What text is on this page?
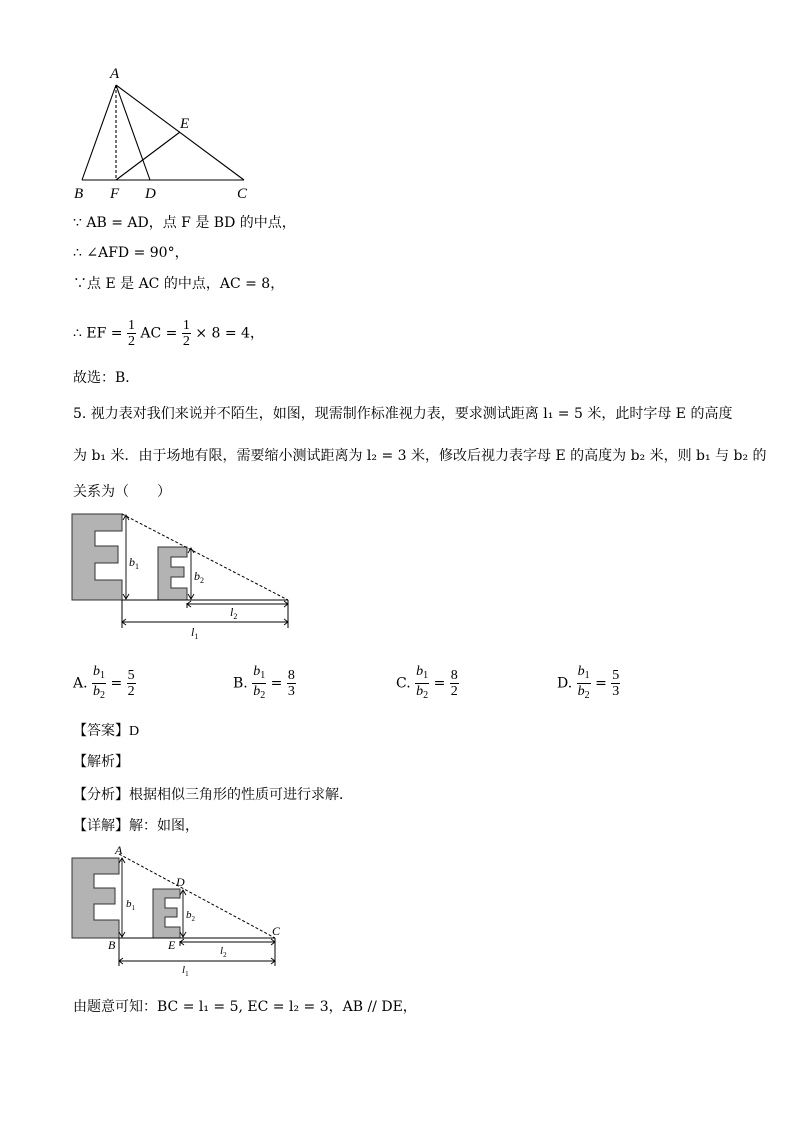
A
E
B F D	C
∵ AB = AD，点 F 是 BD 的中点，
∴ ∠AFD = 90°，
∵点 E 是 AC 的中点，AC = 8，
∴ EF = $\frac{1}{2}$ AC = $\frac{1}{2} \times 8 = 4$，
故选：B．
5. 视力表对我们来说并不陌生，如图，现需制作标准视力表，要求测试距离 l₁ = 5 米，此时字母 E 的高度
为 b₁ 米．由于场地有限，需要缩小测试距离为 l₂ = 3 米，修改后视力表字母 E 的高度为 b₂ 米，则 b₁ 与 b₂ 的
关系为（　　）
$b_1$
$b_2$
$l_2$
$l_1$
A. $\frac{b_1}{b_2} = \frac{5}{2}$	B. $\frac{b_1}{b_2} = \frac{8}{3}$	C. $\frac{b_1}{b_2} = \frac{8}{2}$	D. $\frac{b_1}{b_2} = \frac{5}{3}$
【答案】D
【解析】
【分析】根据相似三角形的性质可进行求解．
【详解】解：如图，
A
D
B	E
C
$b_1$
$b_2$
$l_2$
$l_1$
由题意可知：BC = l₁ = 5, EC = l₂ = 3，AB // DE，
